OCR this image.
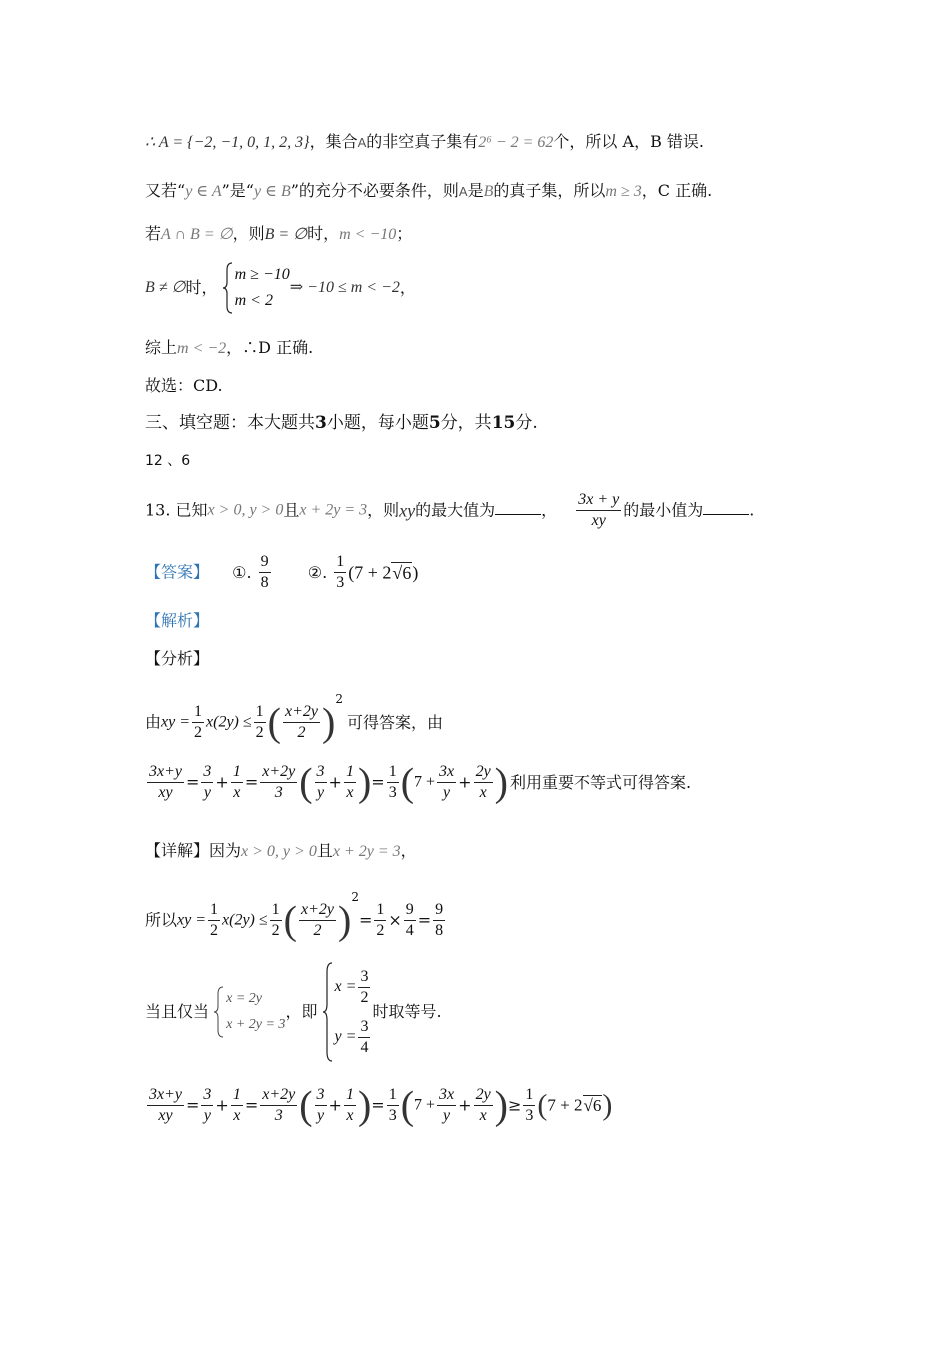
∴ A = {−2, −1, 0, 1, 2, 3}，集合A的非空真子集有2⁶ − 2 = 62个，所以 A，B 错误.
又若“y ∈ A”是“y ∈ B”的充分不必要条件，则A是B的真子集，所以m ≥ 3，C 正确.
若A ∩ B = ∅，则B = ∅时，m < −10；
B ≠ ∅时，
m ≥ −10
m < 2
⇒ −10 ≤ m < −2，
综上m < −2，∴D 正确.
故选：CD.
三、填空题：本大题共3小题，每小题5分，共15分.
12 、6
13. 已知x > 0, y > 0且x + 2y = 3，则xy的最大值为	， $\frac{3x + y}{xy}$ 的最小值为	.
【答案】 ①. $\frac{9}{8}$ ②. $\frac{1}{3} (7 + 2√6)$
【解析】
【分析】
由xy = $\frac{1}{2} x(2y) \le \frac{1}{2}$ ( $\frac{x+2y}{2} )^2$可得答案，由
$\frac{3x+y}{xy} = \frac{3}{y} + \frac{1}{x} = \frac{x+2y}{3}$ ( $\frac{3}{y} + \frac{1}{x}$ )= $\frac{1}{3} (7 + \frac{3x}{y} + \frac{2y}{x}$ ) 利用重要不等式可得答案.
【详解】因为x > 0, y > 0且x + 2y = 3，
所以xy = $\frac{1}{2} x(2y) \le \frac{1}{2}$ ( $\frac{x+2y}{2} )^2= \frac{1}{2} \times \frac{9}{4} = \frac{9}{8}$
当且仅当
x = 2y
x + 2y = 3
，即
$x = \frac{3}{2}$
$y = \frac{3}{4}$
时取等号.
$\frac{3x+y}{xy} = \frac{3}{y} + \frac{1}{x} = \frac{x+2y}{3}$ ( $\frac{3}{y} + \frac{1}{x}$ )= $\frac{1}{3} (7 + \frac{3x}{y} + \frac{2y}{x}$ )≥ $\frac{1}{3} (7 + 2√6)$
